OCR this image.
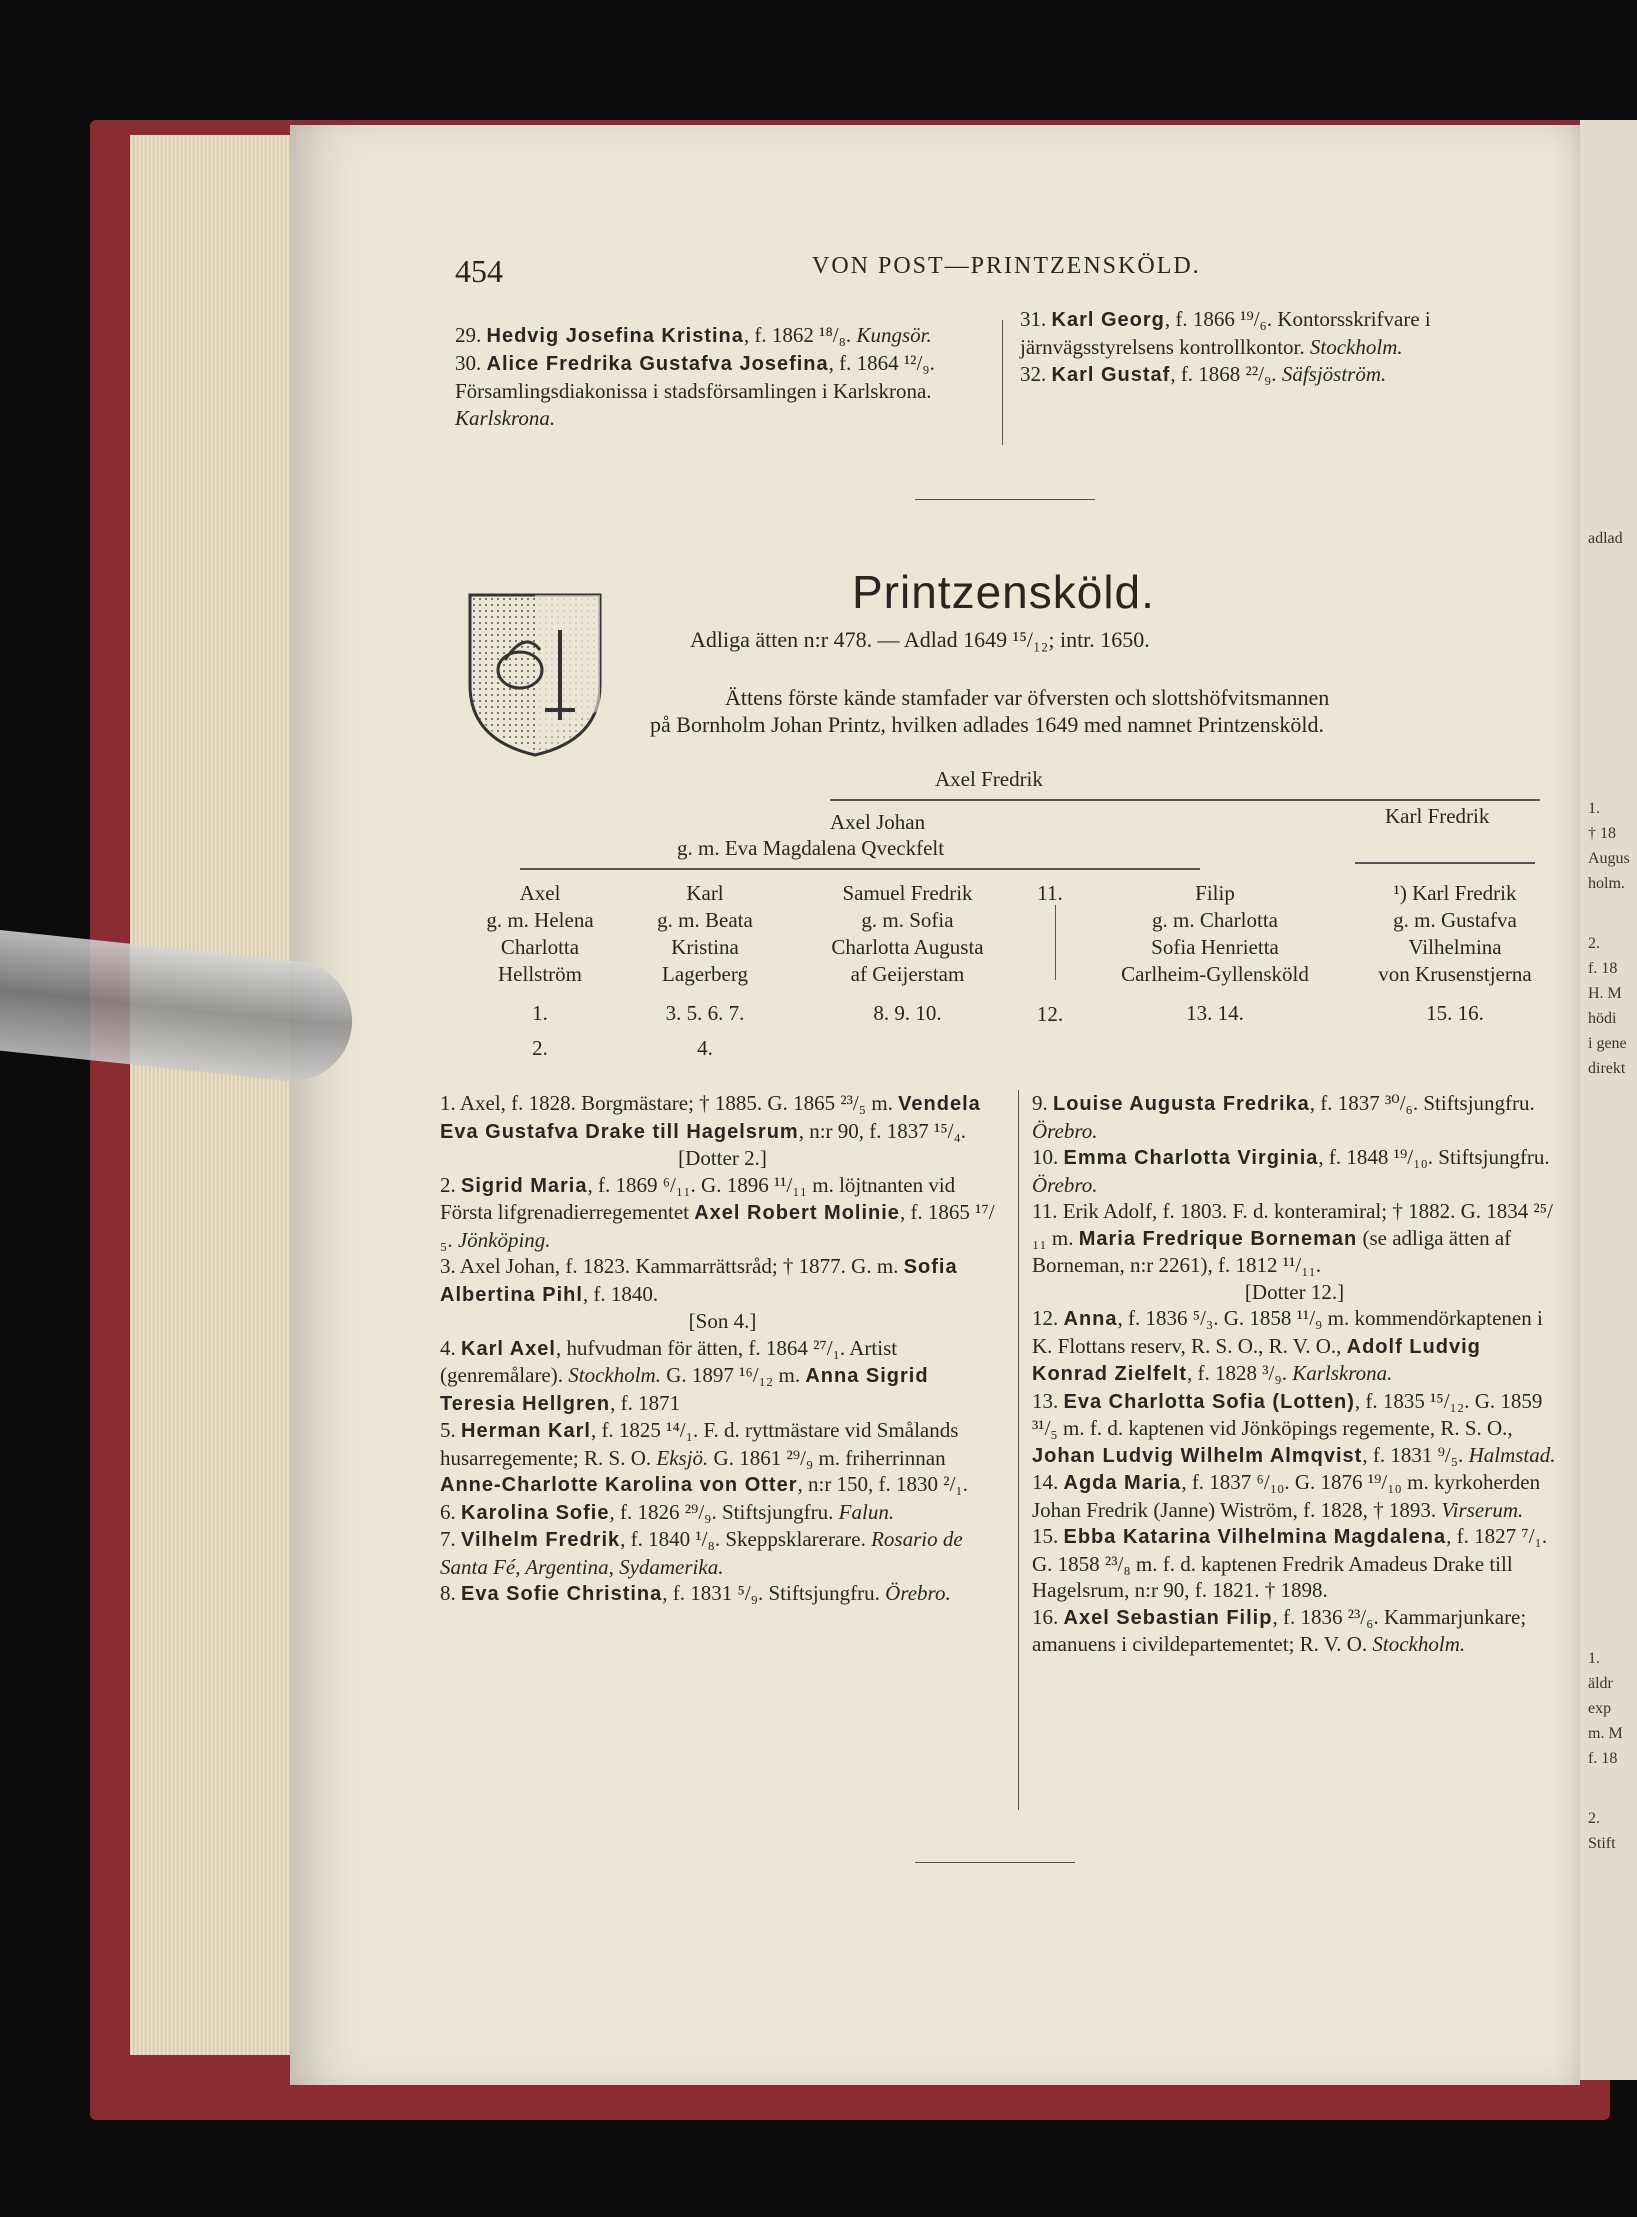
adlad
1.
† 18
Augus
holm.
2.
f. 18
H. M
hödi
i gene
direkt
1.
äldr
exp
m. M
f. 18
2.
Stift
454	VON POST—PRINTZENSKÖLD.

29. Hedvig Josefina Kristina, f. 1862 ¹⁸/₈. Kungsör.

30. Alice Fredrika Gustafva Josefina, f. 1864 ¹²/₉. Församlingsdiakonissa i stadsförsamlingen i Karlskrona. Karlskrona.

31. Karl Georg, f. 1866 ¹⁹/₆. Kontorsskrifvare i järnvägsstyrelsens kontrollkontor. Stockholm.

32. Karl Gustaf, f. 1868 ²²/₉. Säfsjöström.

Printzensköld.
Adliga ätten n:r 478. — Adlad 1649 ¹⁵/₁₂; intr. 1650.
Ättens förste kände stamfader var öfversten och slottshöfvitsmannen
på Bornholm Johan Printz, hvilken adlades 1649 med namnet Printzensköld.
Axel Fredrik
Axel Johan
g. m. Eva Magdalena Qveckfelt
Karl Fredrik
Axel
g. m. Helena
Charlotta
Hellström
1.
2.
Karl
g. m. Beata
Kristina
Lagerberg
3. 5. 6. 7.
4.
Samuel Fredrik
g. m. Sofia
Charlotta Augusta
af Geijerstam
8. 9. 10.
11.
12.
Filip
g. m. Charlotta
Sofia Henrietta
Carlheim-Gyllensköld
13. 14.
¹) Karl Fredrik
g. m. Gustafva
Vilhelmina
von Krusenstjerna
15. 16.

1. Axel, f. 1828. Borgmästare; † 1885. G. 1865 ²³/₅ m. Vendela Eva Gustafva Drake till Hagelsrum, n:r 90, f. 1837 ¹⁵/₄.

[Dotter 2.]

2. Sigrid Maria, f. 1869 ⁶/₁₁. G. 1896 ¹¹/₁₁ m. löjtnanten vid Första lifgrenadierregementet Axel Robert Molinie, f. 1865 ¹⁷/₅. Jönköping.

3. Axel Johan, f. 1823. Kammarrättsråd; † 1877. G. m. Sofia Albertina Pihl, f. 1840.

[Son 4.]

4. Karl Axel, hufvudman för ätten, f. 1864 ²⁷/₁. Artist (genremålare). Stockholm. G. 1897 ¹⁶/₁₂ m. Anna Sigrid Teresia Hellgren, f. 1871

5. Herman Karl, f. 1825 ¹⁴/₁. F. d. ryttmästare vid Smålands husarregemente; R. S. O. Eksjö. G. 1861 ²⁹/₉ m. friherrinnan Anne-Charlotte Karolina von Otter, n:r 150, f. 1830 ²/₁.

6. Karolina Sofie, f. 1826 ²⁹/₉. Stiftsjungfru. Falun.

7. Vilhelm Fredrik, f. 1840 ¹/₈. Skeppsklarerare. Rosario de Santa Fé, Argentina, Sydamerika.

8. Eva Sofie Christina, f. 1831 ⁵/₉. Stiftsjungfru. Örebro.

9. Louise Augusta Fredrika, f. 1837 ³⁰/₆. Stiftsjungfru. Örebro.

10. Emma Charlotta Virginia, f. 1848 ¹⁹/₁₀. Stiftsjungfru. Örebro.

11. Erik Adolf, f. 1803. F. d. konteramiral; † 1882. G. 1834 ²⁵/₁₁ m. Maria Fredrique Borneman (se adliga ätten af Borneman, n:r 2261), f. 1812 ¹¹/₁₁.

[Dotter 12.]

12. Anna, f. 1836 ⁵/₃. G. 1858 ¹¹/₉ m. kommendörkaptenen i K. Flottans reserv, R. S. O., R. V. O., Adolf Ludvig Konrad Zielfelt, f. 1828 ³/₉. Karlskrona.

13. Eva Charlotta Sofia (Lotten), f. 1835 ¹⁵/₁₂. G. 1859 ³¹/₅ m. f. d. kaptenen vid Jönköpings regemente, R. S. O., Johan Ludvig Wilhelm Almqvist, f. 1831 ⁹/₅. Halmstad.

14. Agda Maria, f. 1837 ⁶/₁₀. G. 1876 ¹⁹/₁₀ m. kyrkoherden Johan Fredrik (Janne) Wiström, f. 1828, † 1893. Virserum.

15. Ebba Katarina Vilhelmina Magdalena, f. 1827 ⁷/₁. G. 1858 ²³/₈ m. f. d. kaptenen Fredrik Amadeus Drake till Hagelsrum, n:r 90, f. 1821. † 1898.

16. Axel Sebastian Filip, f. 1836 ²³/₆. Kammarjunkare; amanuens i civildepartementet; R. V. O. Stockholm.
